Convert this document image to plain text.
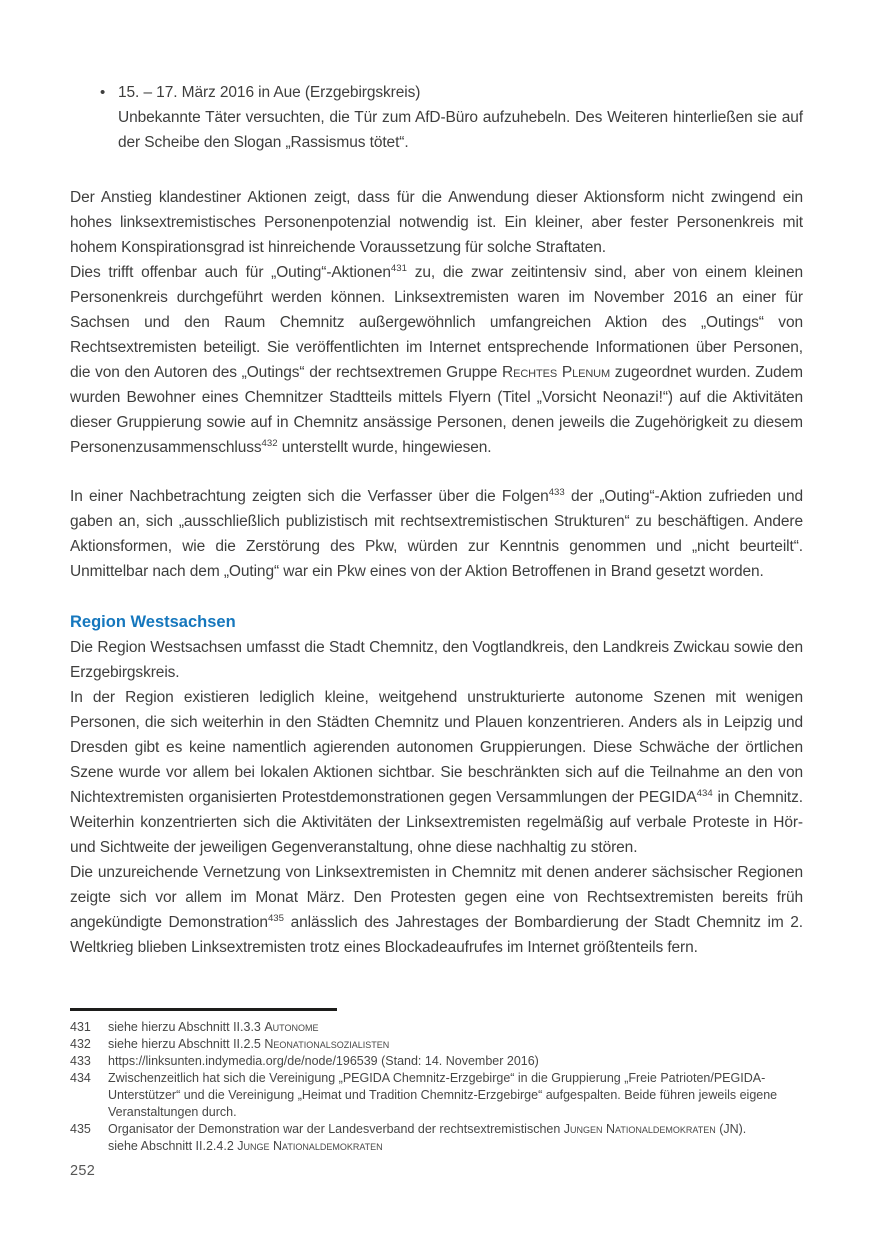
• 15. – 17. März 2016 in Aue (Erzgebirgskreis)
Unbekannte Täter versuchten, die Tür zum AfD-Büro aufzuhebeln. Des Weiteren hinterließen sie auf der Scheibe den Slogan „Rassismus tötet“.

Der Anstieg klandestiner Aktionen zeigt, dass für die Anwendung dieser Aktionsform nicht zwingend ein hohes linksextremistisches Personenpotenzial notwendig ist. Ein kleiner, aber fester Personenkreis mit hohem Konspirationsgrad ist hinreichende Voraussetzung für solche Straftaten.

Dies trifft offenbar auch für „Outing“-Aktionen$^{431}$ zu, die zwar zeitintensiv sind, aber von einem kleinen Personenkreis durchgeführt werden können. Linksextremisten waren im November 2016 an einer für Sachsen und den Raum Chemnitz außergewöhnlich umfangreichen Aktion des „Outings“ von Rechtsextremisten beteiligt. Sie veröffentlichten im Internet entsprechende Informationen über Personen, die von den Autoren des „Outings“ der rechtsextremen Gruppe Rechtes Plenum zugeordnet wurden. Zudem wurden Bewohner eines Chemnitzer Stadtteils mittels Flyern (Titel „Vorsicht Neonazi!“) auf die Aktivitäten dieser Gruppierung sowie auf in Chemnitz ansässige Personen, denen jeweils die Zugehörigkeit zu diesem Personenzusammenschluss$^{432}$ unterstellt wurde, hingewiesen.

In einer Nachbetrachtung zeigten sich die Verfasser über die Folgen$^{433}$ der „Outing“-Aktion zufrieden und gaben an, sich „ausschließlich publizistisch mit rechtsextremistischen Strukturen“ zu beschäftigen. Andere Aktionsformen, wie die Zerstörung des Pkw, würden zur Kenntnis genommen und „nicht beurteilt“. Unmittelbar nach dem „Outing“ war ein Pkw eines von der Aktion Betroffenen in Brand gesetzt worden.

Region Westsachsen

Die Region Westsachsen umfasst die Stadt Chemnitz, den Vogtlandkreis, den Landkreis Zwickau sowie den Erzgebirgskreis.

In der Region existieren lediglich kleine, weitgehend unstrukturierte autonome Szenen mit wenigen Personen, die sich weiterhin in den Städten Chemnitz und Plauen konzentrieren. Anders als in Leipzig und Dresden gibt es keine namentlich agierenden autonomen Gruppierungen. Diese Schwäche der örtlichen Szene wurde vor allem bei lokalen Aktionen sichtbar. Sie beschränkten sich auf die Teilnahme an den von Nichtextremisten organisierten Protestdemonstrationen gegen Versammlungen der PEGIDA$^{434}$ in Chemnitz. Weiterhin konzentrierten sich die Aktivitäten der Linksextremisten regelmäßig auf verbale Proteste in Hör- und Sichtweite der jeweiligen Gegenveranstaltung, ohne diese nachhaltig zu stören.

Die unzureichende Vernetzung von Linksextremisten in Chemnitz mit denen anderer sächsischer Regionen zeigte sich vor allem im Monat März. Den Protesten gegen eine von Rechtsextremisten bereits früh angekündigte Demonstration$^{435}$ anlässlich des Jahrestages der Bombardierung der Stadt Chemnitz im 2. Weltkrieg blieben Linksextremisten trotz eines Blockadeaufrufes im Internet größtenteils fern.

431	siehe hierzu Abschnitt II.3.3 Autonome
432	siehe hierzu Abschnitt II.2.5 Neonationalsozialisten
433	https://linksunten.indymedia.org/de/node/196539 (Stand: 14. November 2016)
434	Zwischenzeitlich hat sich die Vereinigung „PEGIDA Chemnitz-Erzgebirge“ in die Gruppierung „Freie Patrioten/PEGIDA-Unterstützer“ und die Vereinigung „Heimat und Tradition Chemnitz-Erzgebirge“ aufgespalten. Beide führen jeweils eigene Veranstaltungen durch.
435	Organisator der Demonstration war der Landesverband der rechtsextremistischen Jungen Nationaldemokraten (JN).
siehe Abschnitt II.2.4.2 Junge Nationaldemokraten
252
